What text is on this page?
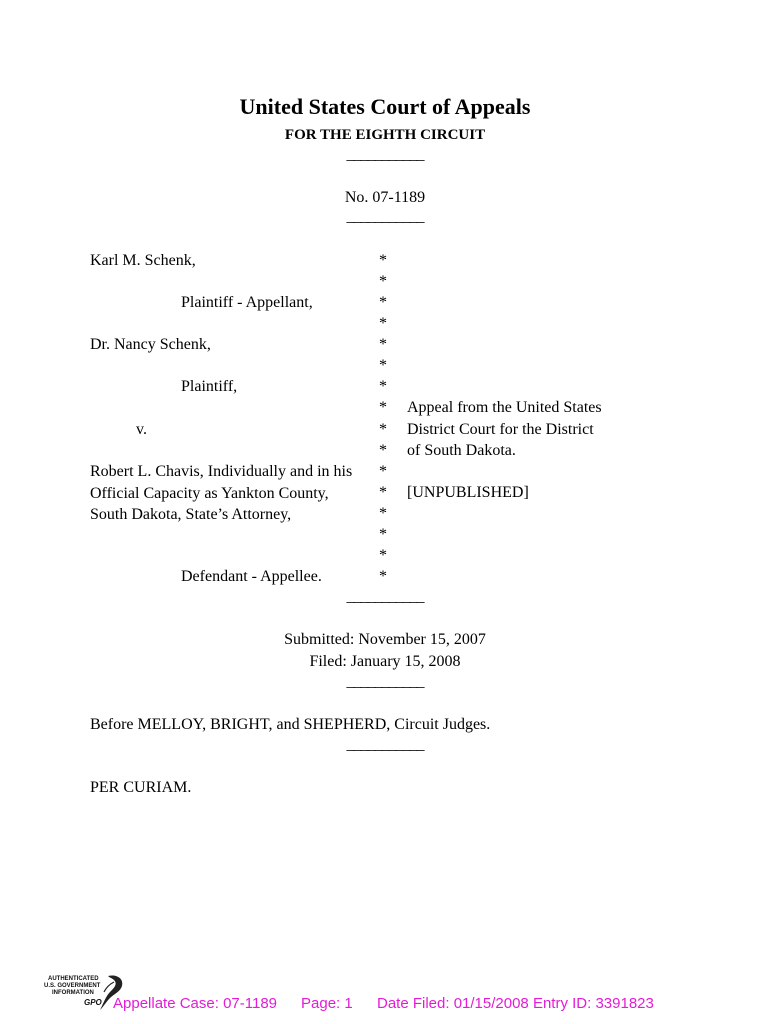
United States Court of Appeals
FOR THE EIGHTH CIRCUIT
___________
No. 07-1189
___________
Karl M. Schenk,
Plaintiff - Appellant,
Dr. Nancy Schenk,
Plaintiff,
v.
Robert L. Chavis, Individually and in his Official Capacity as Yankton County, South Dakota, State’s Attorney,
Defendant - Appellee.
*
*
*
*
*
*
*
*
*
*
*
*
*
*
*
*
Appeal from the United States
District Court for the District
of South Dakota.
[UNPUBLISHED]
___________
Submitted: November 15, 2007
Filed: January 15, 2008
___________
Before MELLOY, BRIGHT, and SHEPHERD, Circuit Judges.
___________
PER CURIAM.
AUTHENTICATED
U.S. GOVERNMENT
INFORMATION
GPO Appellate Case: 07-1189 Page: 1 Date Filed: 01/15/2008 Entry ID: 3391823
